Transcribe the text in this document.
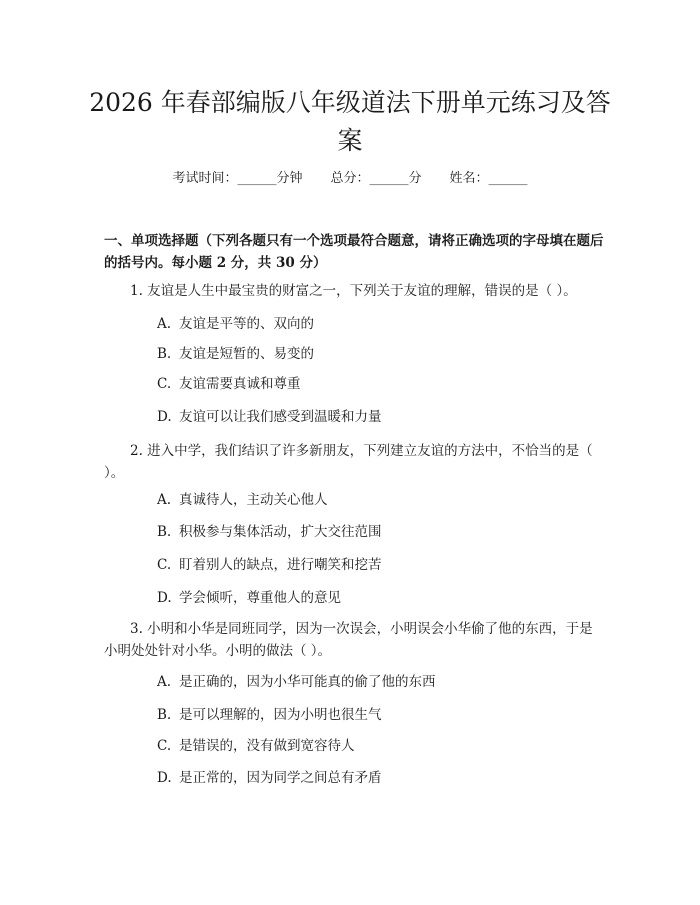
2026 年春部编版八年级道法下册单元练习及答案
考试时间：______分钟 总分：______分 姓名：______

一、单项选择题（下列各题只有一个选项最符合题意，请将正确选项的字母填在题后的括号内。每小题 2 分，共 30 分）

1. 友谊是人生中最宝贵的财富之一，下列关于友谊的理解，错误的是（ ）。

A. 友谊是平等的、双向的

B. 友谊是短暂的、易变的

C. 友谊需要真诚和尊重

D. 友谊可以让我们感受到温暖和力量

2. 进入中学，我们结识了许多新朋友，下列建立友谊的方法中，不恰当的是（ ）。

A. 真诚待人，主动关心他人

B. 积极参与集体活动，扩大交往范围

C. 盯着别人的缺点，进行嘲笑和挖苦

D. 学会倾听，尊重他人的意见

3. 小明和小华是同班同学，因为一次误会，小明误会小华偷了他的东西，于是小明处处针对小华。小明的做法（ ）。

A. 是正确的，因为小华可能真的偷了他的东西

B. 是可以理解的，因为小明也很生气

C. 是错误的，没有做到宽容待人

D. 是正常的，因为同学之间总有矛盾
